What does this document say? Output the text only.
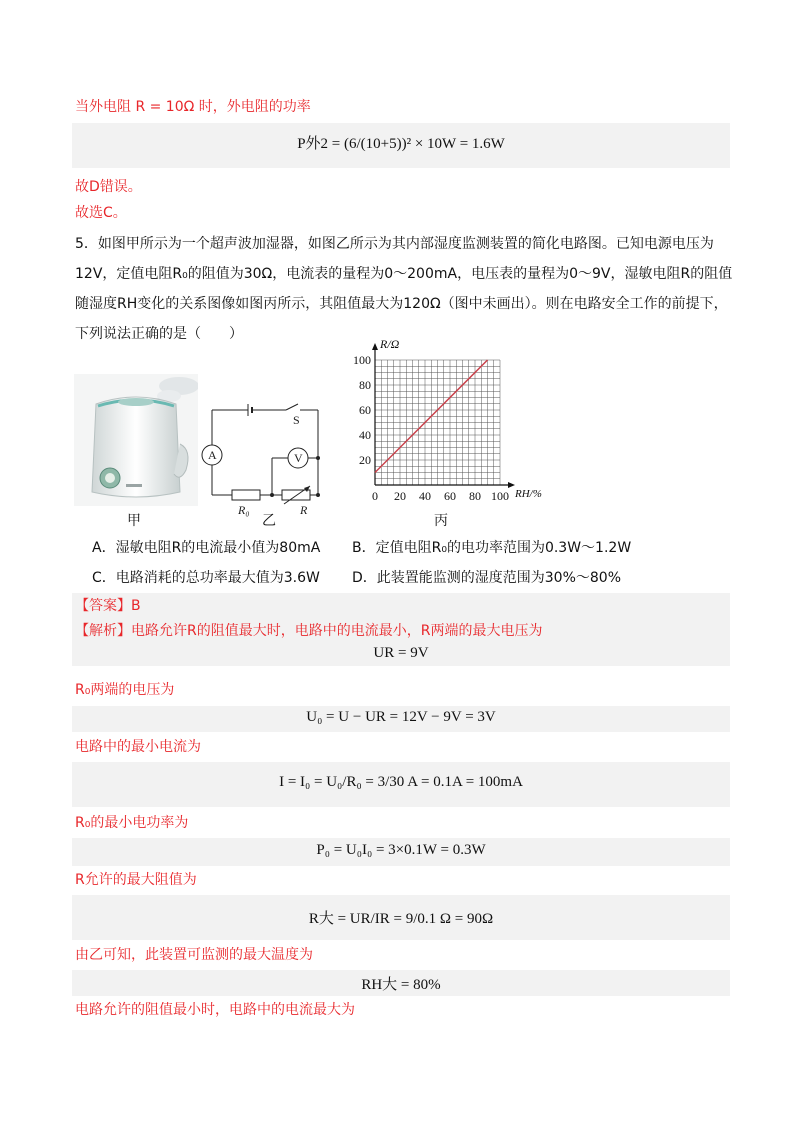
当外电阻 R = 10Ω 时，外电阻的功率
P外2 = (6/(10+5))² × 10W = 1.6W
故D错误。
故选C。
5．如图甲所示为一个超声波加湿器，如图乙所示为其内部湿度监测装置的简化电路图。已知电源电压为12V，定值电阻R₀的阻值为30Ω，电流表的量程为0～200mA，电压表的量程为0～9V，湿敏电阻R的阻值随湿度RH变化的关系图像如图丙所示，其阻值最大为120Ω（图中未画出）。则在电路安全工作的前提下，下列说法正确的是（　　）
甲
A	V
S
R₀	R
乙
0 20 40 60 80 100
20
40
60
80
100
R/Ω
RH/%
丙
A．湿敏电阻R的电流最小值为80mA B．定值电阻R₀的电功率范围为0.3W～1.2W
C．电路消耗的总功率最大值为3.6W D．此装置能监测的湿度范围为30%～80%
【答案】B
【解析】电路允许R的阻值最大时，电路中的电流最小，R两端的最大电压为
UR = 9V
R₀两端的电压为
U₀ = U − UR = 12V − 9V = 3V
电路中的最小电流为
I = I₀ = U₀/R₀ = 3/30 A = 0.1A = 100mA
R₀的最小电功率为
P₀ = U₀I₀ = 3×0.1W = 0.3W
R允许的最大阻值为
R大 = UR/IR = 9/0.1 Ω = 90Ω
由乙可知，此装置可监测的最大温度为
RH大 = 80%
电路允许的阻值最小时，电路中的电流最大为
